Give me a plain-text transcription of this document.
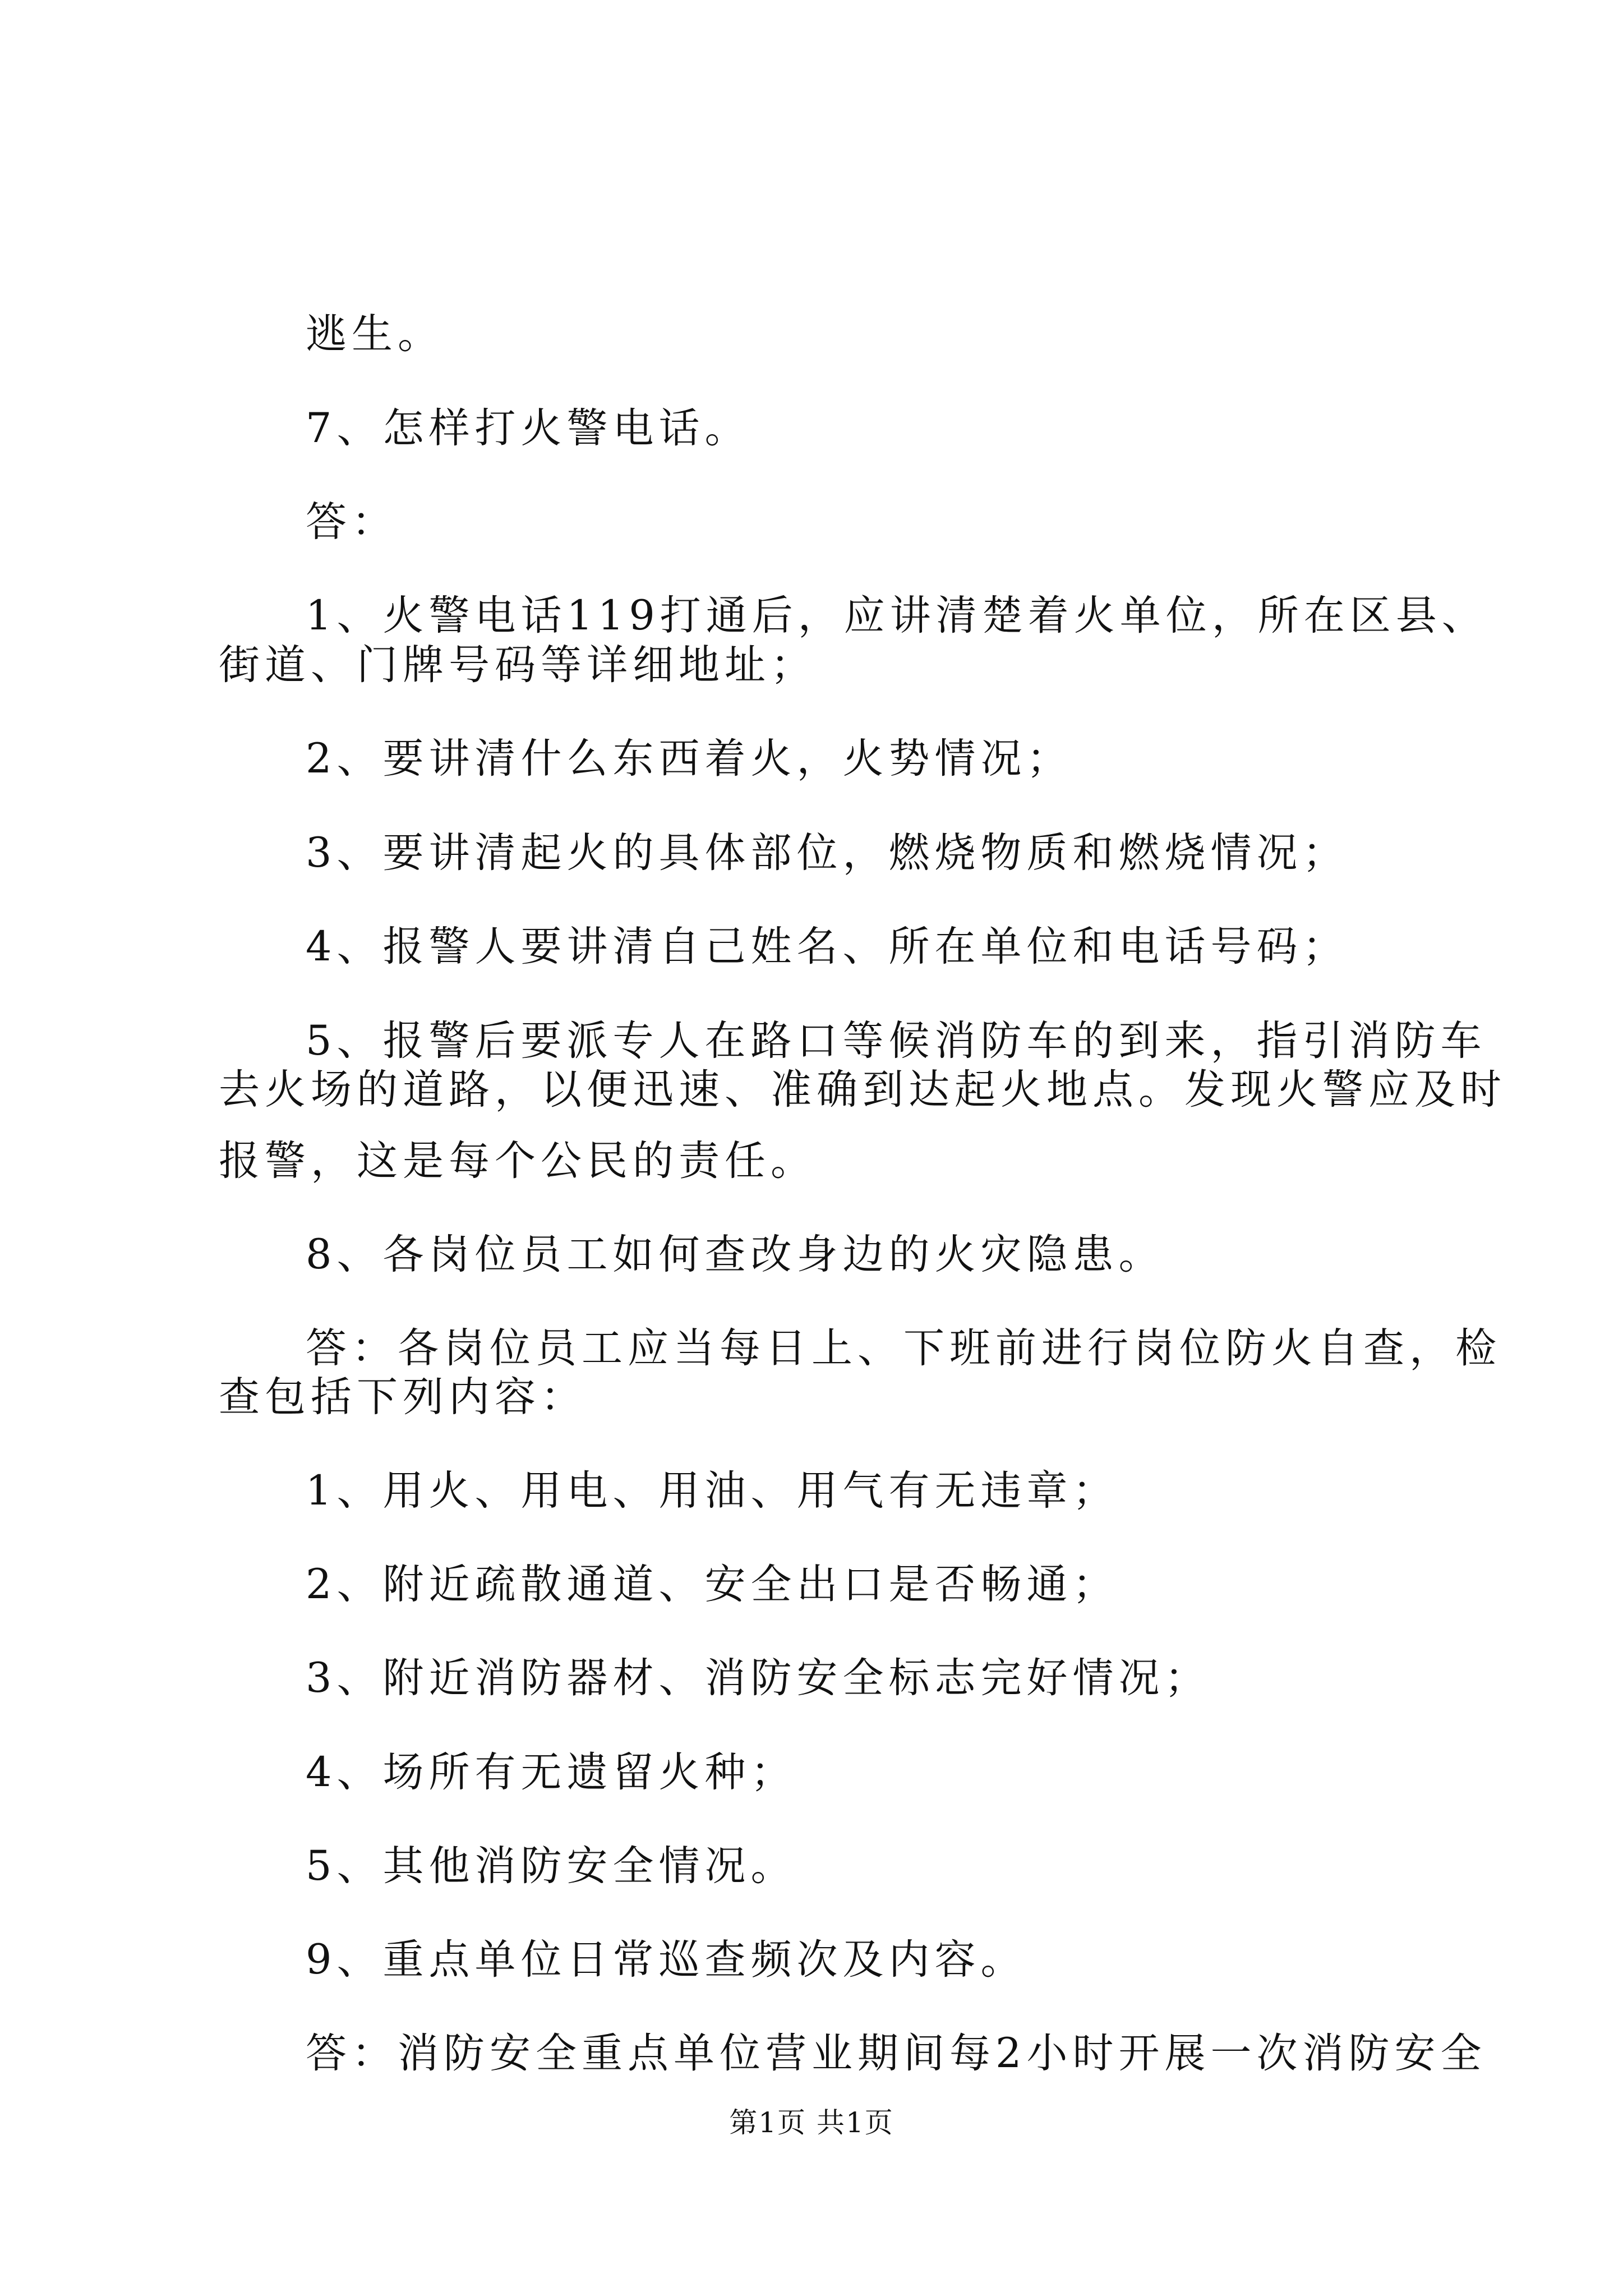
逃生。
7、怎样打火警电话。
答：
1、火警电话119打通后，应讲清楚着火单位，所在区县、
街道、门牌号码等详细地址；
2、要讲清什么东西着火，火势情况；
3、要讲清起火的具体部位，燃烧物质和燃烧情况；
4、报警人要讲清自己姓名、所在单位和电话号码；
5、报警后要派专人在路口等候消防车的到来，指引消防车
去火场的道路，以便迅速、准确到达起火地点。发现火警应及时
报警，这是每个公民的责任。
8、各岗位员工如何查改身边的火灾隐患。
答：各岗位员工应当每日上、下班前进行岗位防火自查，检
查包括下列内容：
1、用火、用电、用油、用气有无违章；
2、附近疏散通道、安全出口是否畅通；
3、附近消防器材、消防安全标志完好情况；
4、场所有无遗留火种；
5、其他消防安全情况。
9、重点单位日常巡查频次及内容。
答：消防安全重点单位营业期间每2小时开展一次消防安全
第1页 共1页
